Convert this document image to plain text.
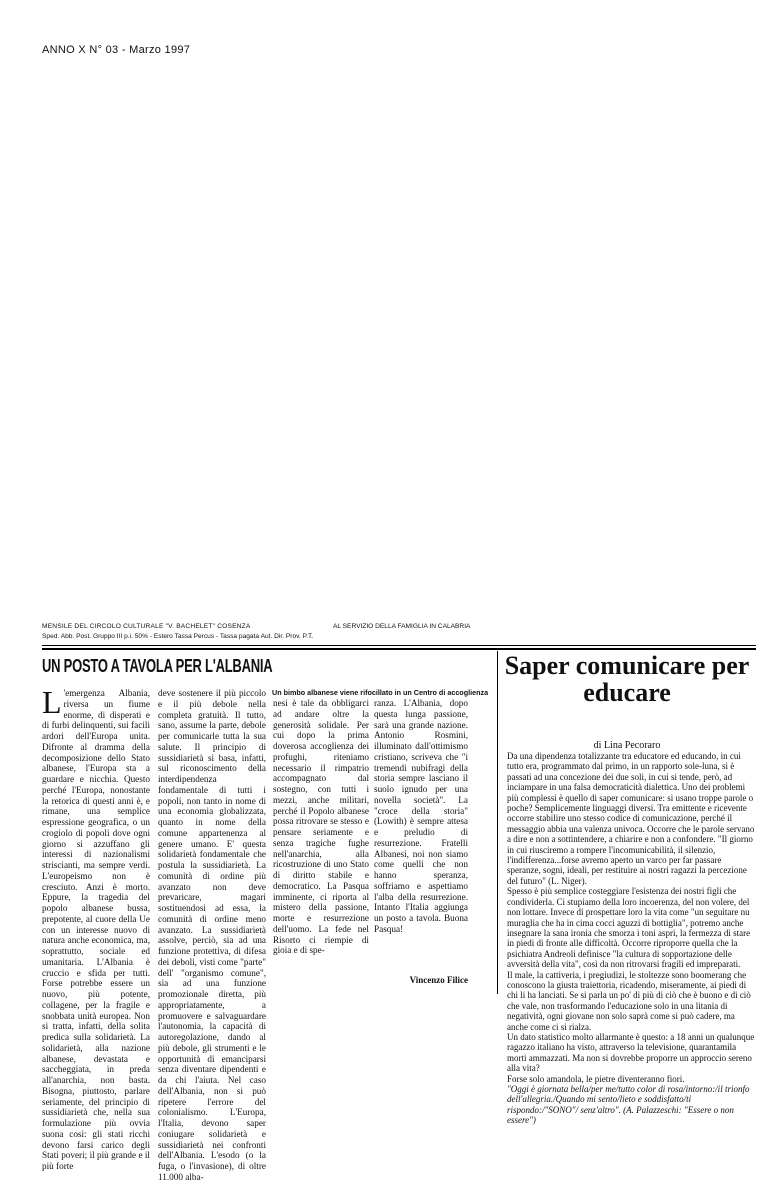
ANNO X N° 03 - Marzo 1997
MENSILE DEL CIRCOLO CULTURALE "V. BACHELET" COSENZA	AL SERVIZIO DELLA FAMIGLIA IN CALABRIA
Sped. Abb. Post. Gruppo III p.i. 50% - Estero Tassa Percus - Tassa pagata Aut. Dir. Prov. P.T.
UN POSTO A TAVOLA PER L'ALBANIA
L 'emergenza Albania, riversa un fiume enorme, di disperati e di furbi delinquenti, sui facili ardori dell'Europa unita. Difronte al dramma della decomposizione dello Stato albanese, l'Europa sta a guardare e nicchia. Questo perché l'Europa, nonostante la retorica di questi anni è, e rimane, una semplice espressione geografica, o un crogiolo di popoli dove ogni giorno si azzuffano gli interessi di nazionalismi striscianti, ma sempre verdi. L'europeismo non è cresciuto. Anzi è morto. Eppure, la tragedia del popolo albanese bussa, prepotente, al cuore della Ue con un interesse nuovo di natura anche economica, ma, soprattutto, sociale ed umanitaria. L'Albania è cruccio e sfida per tutti. Forse potrebbe essere un nuovo, più potente, collagene, per la fragile e snobbata unità europea. Non si tratta, infatti, della solita predica sulla solidarietà. La solidarietà, alla nazione albanese, devastata e saccheggiata, in preda all'anarchia, non basta. Bisogna, piuttosto, parlare seriamente, del principio di sussidiarietà che, nella sua formulazione più ovvia suona così: gli stati ricchi devono farsi carico degli Stati poveri; il più grande e il più forte
deve sostenere il più piccolo e il più debole nella completa gratuità. Il tutto, sano, assume la parte, debole per comunicarle tutta la sua salute. Il principio di sussidiarietà si basa, infatti, sul riconoscimento della interdipendenza fondamentale di tutti i popoli, non tanto in nome di una economia globalizzata, quanto in nome della comune appartenenza al genere umano. E' questa solidarietà fondamentale che postula la sussidiarietà. La comunità di ordine più avanzato non deve prevaricare, magari sostituendosi ad essa, la comunità di ordine meno avanzato. La sussidiarietà assolve, perciò, sia ad una funzione protettiva, di difesa dei deboli, visti come "parte" dell' "organismo comune", sia ad una funzione promozionale diretta, più appropriatamente, a promuovere e salvaguardare l'autonomia, la capacità di autoregolazione, dando al più debole, gli strumenti e le opportunità di emanciparsi senza diventare dipendenti e da chi l'aiuta. Nel caso dell'Albania, non si può ripetere l'errore del colonialismo. L'Europa, l'Italia, devono saper coniugare solidarietà e sussidiarietà nei confronti dell'Albania. L'esodo (o la fuga, o l'invasione), di oltre 11.000 alba-
Un bimbo albanese viene rifocillato in un Centro di accoglienza
nesi è tale da obbligarci ad andare oltre la generosità solidale. Per cui dopo la prima doverosa accoglienza dei profughi, riteniamo necessario il rimpatrio accompagnato dal sostegno, con tutti i mezzi, anche militari, perché il Popolo albanese possa ritrovare se stesso e pensare seriamente e senza tragiche fughe nell'anarchia, alla ricostruzione di uno Stato di diritto stabile e democratico. La Pasqua imminente, ci riporta al mistero della passione, morte e resurrezione dell'uomo. La fede nel Risorto ci riempie di gioia e di spe-
ranza. L'Albania, dopo questa lunga passione, sarà una grande nazione. Antonio Rosmini, illuminato dall'ottimismo cristiano, scriveva che "i tremendi nubifragi della storia sempre lasciano il suolo ignudo per una novella società". La "croce della storia" (Lowith) è sempre attesa e preludio di resurrezione. Fratelli Albanesi, noi non siamo come quelli che non hanno speranza, soffriamo e aspettiamo l'alba della resurrezione. Intanto l'Italia aggiunga un posto a tavola. Buona Pasqua!
Vincenzo Filice
Saper comunicare per educare
di Lina Pecoraro

Da una dipendenza totalizzante tra educatore ed educando, in cui tutto era, programmato dal primo, in un rapporto sole-luna, si è passati ad una concezione dei due soli, in cui si tende, però, ad inciampare in una falsa democraticità dialettica. Uno dei problemi più complessi è quello di saper comunicare: si usano troppe parole o poche? Semplicemente linguaggi diversi. Tra emittente e ricevente occorre stabilire uno stesso codice di comunicazione, perché il messaggio abbia una valenza univoca. Occorre che le parole servano a dire e non a sottintendere, a chiarire e non a confondere. "Il giorno in cui riusciremo a rompere l'incomunicabilità, il silenzio, l'indifferenza...forse avremo aperto un varco per far passare speranze, sogni, ideali, per restituire ai nostri ragazzi la percezione del futuro" (L. Niger).

Spesso è più semplice costeggiare l'esistenza dei nostri figli che condividerla. Ci stupiamo della loro incoerenza, del non volere, del non lottare. Invece di prospettare loro la vita come "un seguitare nu muraglia che ha in cima cocci aguzzi di bottiglia", potremo anche insegnare la sana ironia che smorza i toni aspri, la fermezza di stare in piedi di fronte alle difficoltà. Occorre riproporre quella che la psichiatra Andreoli definisce "la cultura di sopportazione delle avversità della vita", così da non ritrovarsi fragili ed impreparati.

Il male, la cattiveria, i pregiudizi, le stoltezze sono boomerang che conoscono la giusta traiettoria, ricadendo, miseramente, ai piedi di chi li ha lanciati. Se si parla un po' di più di ciò che è buono e di ciò che vale, non trasformando l'educazione solo in una litania di negatività, ogni giovane non solo saprà come si può cadere, ma anche come ci si rialza.

Un dato statistico molto allarmante è questo: a 18 anni un qualunque ragazzo italiano ha visto, attraverso la televisione, quarantamila morti ammazzati. Ma non si dovrebbe proporre un approccio sereno alla vita?

Forse solo amandola, le pietre diventeranno fiori.

"Oggi è giornata bella/per me/tutto color di rosa/intorno:/il trionfo dell'allegria./Quando mi sento/lieto e soddisfatto/ti rispondo:/"SONO"/ senz'altro". (A. Palazzeschi: "Essere o non essere")
